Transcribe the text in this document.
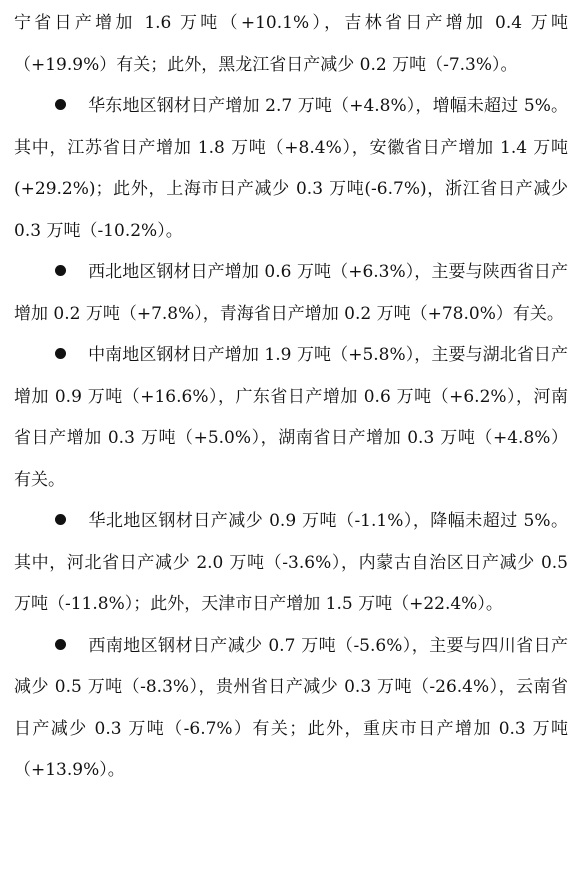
宁省日产增加 1.6 万吨（+10.1%），吉林省日产增加 0.4 万吨（+19.9%）有关；此外，黑龙江省日产减少 0.2 万吨（-7.3%）。

华东地区钢材日产增加 2.7 万吨（+4.8%），增幅未超过 5%。其中，江苏省日产增加 1.8 万吨（+8.4%），安徽省日产增加 1.4 万吨(+29.2%)；此外，上海市日产减少 0.3 万吨(-6.7%)，浙江省日产减少 0.3 万吨（-10.2%）。

西北地区钢材日产增加 0.6 万吨（+6.3%），主要与陕西省日产增加 0.2 万吨（+7.8%），青海省日产增加 0.2 万吨（+78.0%）有关。

中南地区钢材日产增加 1.9 万吨（+5.8%），主要与湖北省日产增加 0.9 万吨（+16.6%），广东省日产增加 0.6 万吨（+6.2%），河南省日产增加 0.3 万吨（+5.0%），湖南省日产增加 0.3 万吨（+4.8%）有关。

华北地区钢材日产减少 0.9 万吨（-1.1%），降幅未超过 5%。其中，河北省日产减少 2.0 万吨（-3.6%），内蒙古自治区日产减少 0.5 万吨（-11.8%）；此外，天津市日产增加 1.5 万吨（+22.4%）。

西南地区钢材日产减少 0.7 万吨（-5.6%），主要与四川省日产减少 0.5 万吨（-8.3%），贵州省日产减少 0.3 万吨（-26.4%），云南省日产减少 0.3 万吨（-6.7%）有关；此外，重庆市日产增加 0.3 万吨（+13.9%）。
